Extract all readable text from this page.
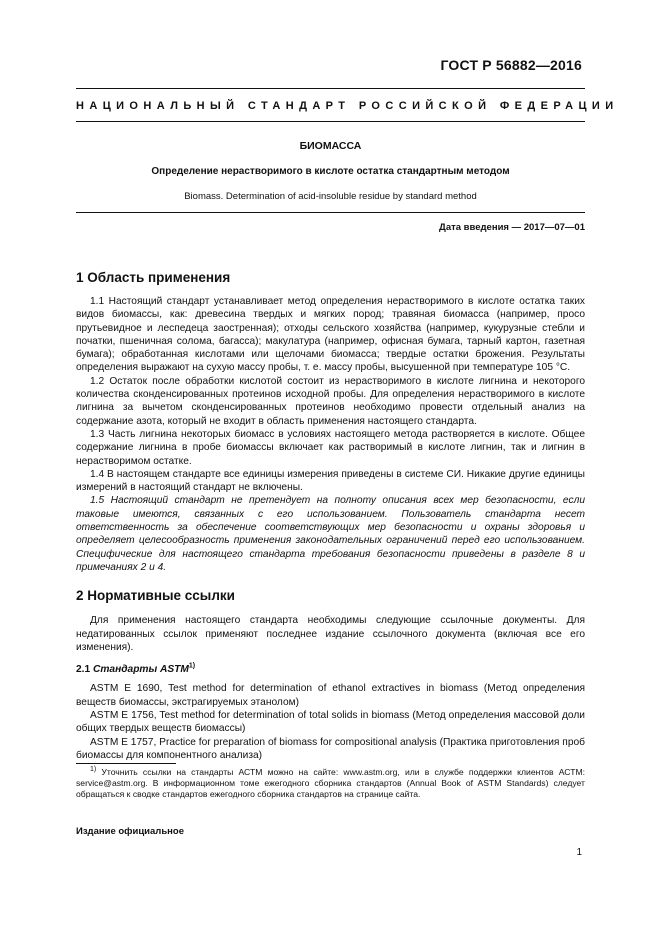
ГОСТ Р 56882—2016
НАЦИОНАЛЬНЫЙ СТАНДАРТ РОССИЙСКОЙ ФЕДЕРАЦИИ
БИОМАССА
Определение нерастворимого в кислоте остатка стандартным методом
Biomass. Determination of acid-insoluble residue by standard method
Дата введения — 2017—07—01
1 Область применения

1.1 Настоящий стандарт устанавливает метод определения нерастворимого в кислоте остатка таких видов биомассы, как: древесина твердых и мягких пород; травяная биомасса (например, просо прутьевидное и леспедеца заостренная); отходы сельского хозяйства (например, кукурузные стебли и початки, пшеничная солома, багасса); макулатура (например, офисная бумага, тарный картон, газетная бумага); обработанная кислотами или щелочами биомасса; твердые остатки брожения. Результаты определения выражают на сухую массу пробы, т. е. массу пробы, высушенной при температуре 105 °С.

1.2 Остаток после обработки кислотой состоит из нерастворимого в кислоте лигнина и некоторого количества сконденсированных протеинов исходной пробы. Для определения нерастворимого в кислоте лигнина за вычетом сконденсированных протеинов необходимо провести отдельный анализ на содержание азота, который не входит в область применения настоящего стандарта.

1.3 Часть лигнина некоторых биомасс в условиях настоящего метода растворяется в кислоте. Общее содержание лигнина в пробе биомассы включает как растворимый в кислоте лигнин, так и лигнин в нерастворимом остатке.

1.4 В настоящем стандарте все единицы измерения приведены в системе СИ. Никакие другие единицы измерений в настоящий стандарт не включены.

1.5 Настоящий стандарт не претендует на полноту описания всех мер безопасности, если таковые имеются, связанных с его использованием. Пользователь стандарта несет ответственность за обеспечение соответствующих мер безопасности и охраны здоровья и определяет целесообразность применения законодательных ограничений перед его использованием. Специфические для настоящего стандарта требования безопасности приведены в разделе 8 и примечаниях 2 и 4.

2 Нормативные ссылки

Для применения настоящего стандарта необходимы следующие ссылочные документы. Для недатированных ссылок применяют последнее издание ссылочного документа (включая все его изменения).

2.1 Стандарты ASTM$^{1)}$

ASTM E 1690, Test method for determination of ethanol extractives in biomass (Метод определения веществ биомассы, экстрагируемых этанолом)

ASTM E 1756, Test method for determination of total solids in biomass (Метод определения массовой доли общих твердых веществ биомассы)

ASTM E 1757, Practice for preparation of biomass for compositional analysis (Практика приготовления проб биомассы для компонентного анализа)

$^{1)}$ Уточнить ссылки на стандарты АСТМ можно на сайте: www.astm.org, или в службе поддержки клиентов АСТМ: service@astm.org. В информационном томе ежегодного сборника стандартов (Annual Book of ASTM Standards) следует обращаться к сводке стандартов ежегодного сборника стандартов на странице сайта.
Издание официальное
1
